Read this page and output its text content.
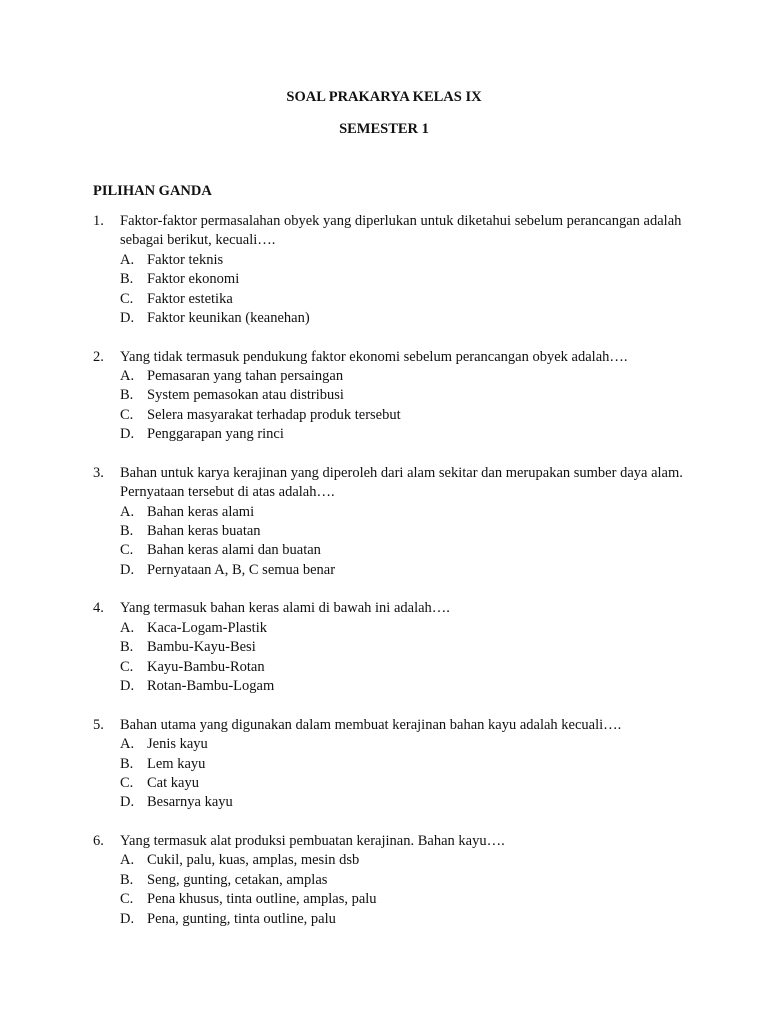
SOAL PRAKARYA KELAS IX
SEMESTER 1
PILIHAN GANDA
1. Faktor-faktor permasalahan obyek yang diperlukan untuk diketahui sebelum perancangan adalah sebagai berikut, kecuali….
A. Faktor teknis
B. Faktor ekonomi
C. Faktor estetika
D. Faktor keunikan (keanehan)
2. Yang tidak termasuk pendukung faktor ekonomi sebelum perancangan obyek adalah….
A. Pemasaran yang tahan persaingan
B. System pemasokan atau distribusi
C. Selera masyarakat terhadap produk tersebut
D. Penggarapan yang rinci
3. Bahan untuk karya kerajinan yang diperoleh dari alam sekitar dan merupakan sumber daya alam. Pernyataan tersebut di atas adalah….
A. Bahan keras alami
B. Bahan keras buatan
C. Bahan keras alami dan buatan
D. Pernyataan A, B, C semua benar
4. Yang termasuk bahan keras alami di bawah ini adalah….
A. Kaca-Logam-Plastik
B. Bambu-Kayu-Besi
C. Kayu-Bambu-Rotan
D. Rotan-Bambu-Logam
5. Bahan utama yang digunakan dalam membuat kerajinan bahan kayu adalah kecuali….
A. Jenis kayu
B. Lem kayu
C. Cat kayu
D. Besarnya kayu
6. Yang termasuk alat produksi pembuatan kerajinan. Bahan kayu….
A. Cukil, palu, kuas, amplas, mesin dsb
B. Seng, gunting, cetakan, amplas
C. Pena khusus, tinta outline, amplas, palu
D. Pena, gunting, tinta outline, palu
